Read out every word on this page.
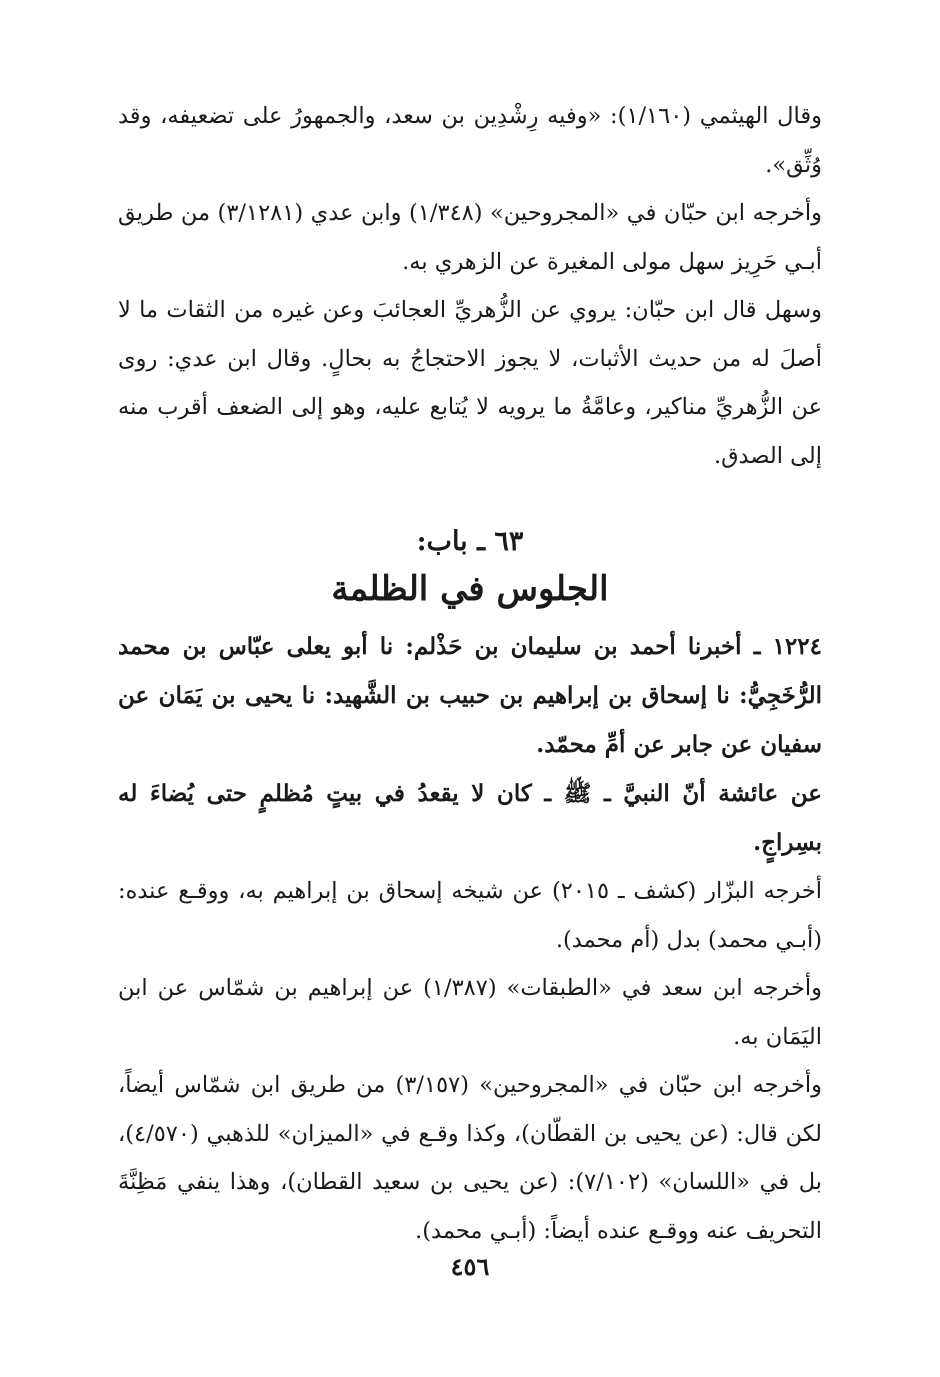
وقال الهيثمي (١/١٦٠): «وفيه رِشْدِين بن سعد، والجمهورُ على تضعيفه، وقد وُثِّق».

وأخرجه ابن حبّان في «المجروحين» (١/٣٤٨) وابن عدي (٣/١٢٨١) من طريق أبـي حَرِيز سهل مولى المغيرة عن الزهري به.

وسهل قال ابن حبّان: يروي عن الزُّهريِّ العجائبَ وعن غيره من الثقات ما لا أصلَ له من حديث الأثبات، لا يجوز الاحتجاجُ به بحالٍ. وقال ابن عدي: روى عن الزُّهريِّ مناكير، وعامَّةُ ما يرويه لا يُتابع عليه، وهو إلى الضعف أقرب منه إلى الصدق.

٦٣ ـ باب:
الجلوس في الظلمة

١٢٢٤ ـ أخبرنا أحمد بن سليمان بن حَذْلم: نا أبو يعلى عبّاس بن محمد الرُّخَجِيُّ: نا إسحاق بن إبراهيم بن حبيب بن الشَّهيد: نا يحيى بن يَمَان عن سفيان عن جابر عن أمِّ محمّد.

عن عائشة أنّ النبيَّ ـ ﷺ ـ كان لا يقعدُ في بيتٍ مُظلمٍ حتى يُضاءَ له بسِراجٍ.

أخرجه البزّار (كشف ـ ٢٠١٥) عن شيخه إسحاق بن إبراهيم به، ووقـع عنده: (أبـي محمد) بدل (أم محمد).

وأخرجه ابن سعد في «الطبقات» (١/٣٨٧) عن إبراهيم بن شمّاس عن ابن اليَمَان به.

وأخرجه ابن حبّان في «المجروحين» (٣/١٥٧) من طريق ابن شمّاس أيضاً، لكن قال: (عن يحيى بن القطّان)، وكذا وقـع في «الميزان» للذهبي (٤/٥٧٠)، بل في «اللسان» (٧/١٠٢): (عن يحيى بن سعيد القطان)، وهذا ينفي مَظِنَّةَ التحريف عنه ووقـع عنده أيضاً: (أبـي محمد).

٤٥٦
